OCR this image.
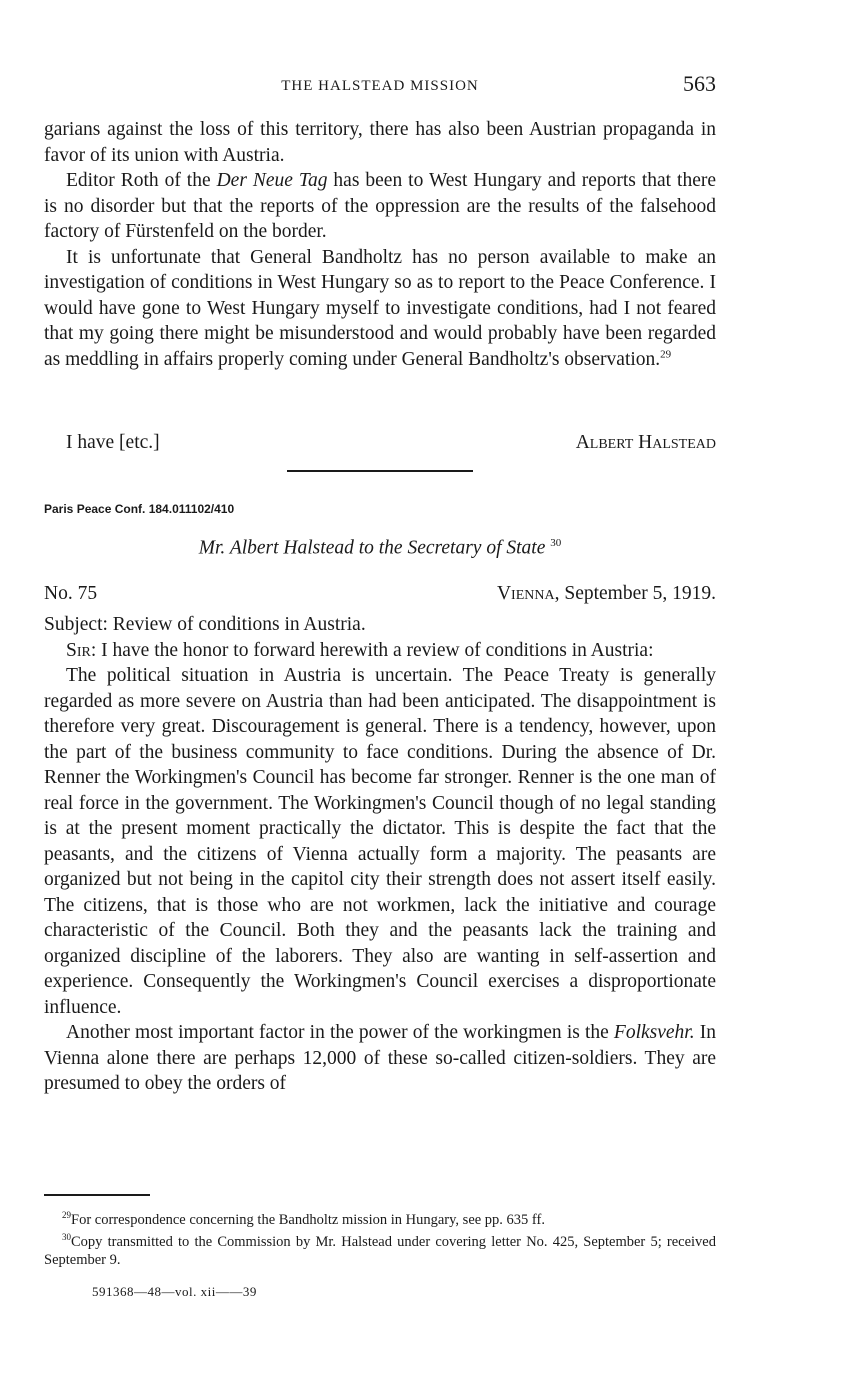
THE HALSTEAD MISSION	563

garians against the loss of this territory, there has also been Austrian propaganda in favor of its union with Austria.

Editor Roth of the Der Neue Tag has been to West Hungary and reports that there is no disorder but that the reports of the oppression are the results of the falsehood factory of Fürstenfeld on the border.

It is unfortunate that General Bandholtz has no person available to make an investigation of conditions in West Hungary so as to report to the Peace Conference. I would have gone to West Hungary myself to investigate conditions, had I not feared that my going there might be misunderstood and would probably have been regarded as meddling in affairs properly coming under General Bandholtz's observation.$^{29}$

I have [etc.]	Albert Halstead
Paris Peace Conf. 184.011102/410
Mr. Albert Halstead to the Secretary of State $^{30}$
No. 75	Vienna, September 5, 1919.

Subject: Review of conditions in Austria.

Sir: I have the honor to forward herewith a review of conditions in Austria:

The political situation in Austria is uncertain. The Peace Treaty is generally regarded as more severe on Austria than had been anticipated. The disappointment is therefore very great. Discouragement is general. There is a tendency, however, upon the part of the business community to face conditions. During the absence of Dr. Renner the Workingmen's Council has become far stronger. Renner is the one man of real force in the government. The Workingmen's Council though of no legal standing is at the present moment practically the dictator. This is despite the fact that the peasants, and the citizens of Vienna actually form a majority. The peasants are organized but not being in the capitol city their strength does not assert itself easily. The citizens, that is those who are not workmen, lack the initiative and courage characteristic of the Council. Both they and the peasants lack the training and organized discipline of the laborers. They also are wanting in self-assertion and experience. Consequently the Workingmen's Council exercises a disproportionate influence.

Another most important factor in the power of the workingmen is the Folksvehr. In Vienna alone there are perhaps 12,000 of these so-called citizen-soldiers. They are presumed to obey the orders of

$^{29}$For correspondence concerning the Bandholtz mission in Hungary, see pp. 635 ff.

$^{30}$Copy transmitted to the Commission by Mr. Halstead under covering letter No. 425, September 5; received September 9.

591368—48—vol. xii——39
